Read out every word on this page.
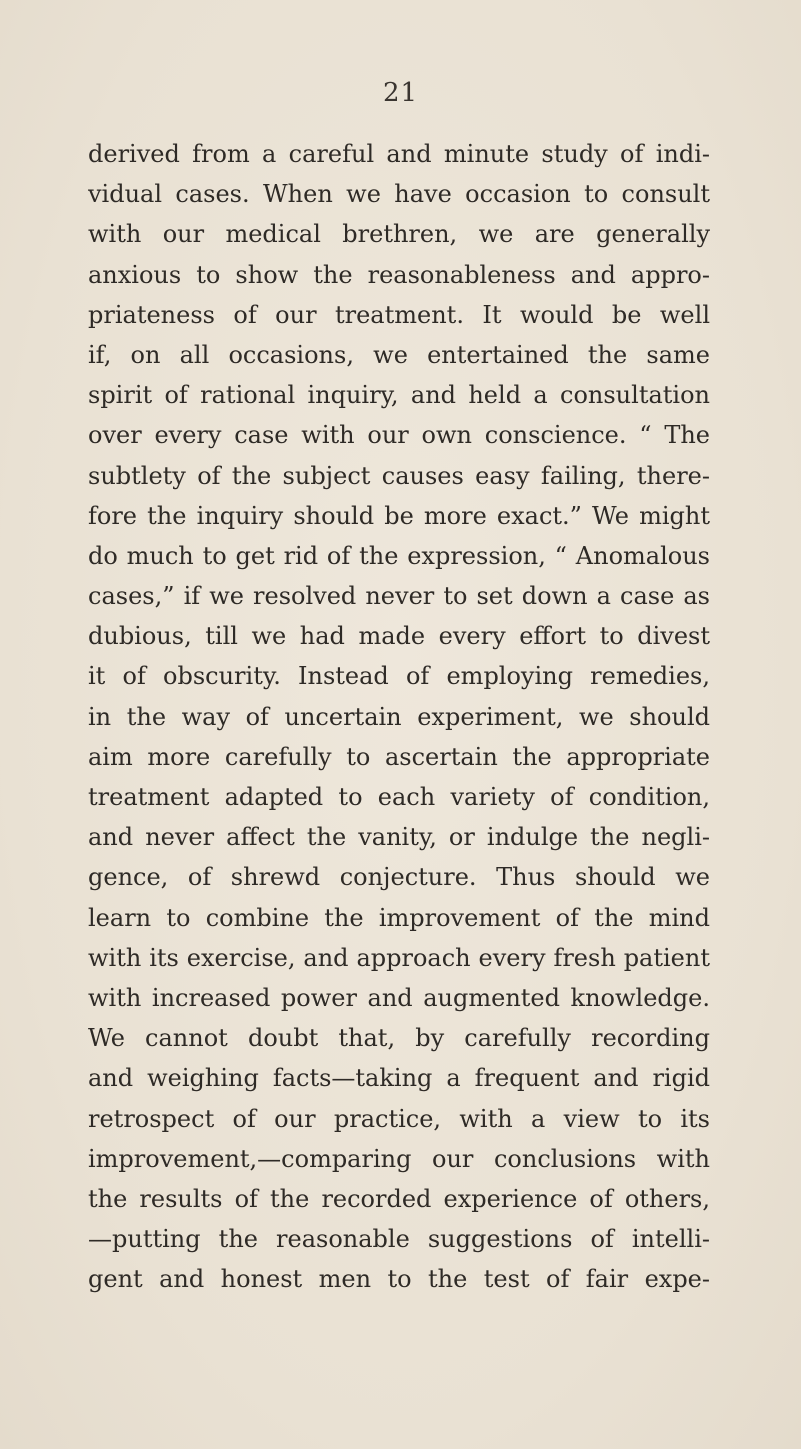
21
derived from a careful and minute study of indi-
vidual cases. When we have occasion to consult
with our medical brethren, we are generally
anxious to show the reasonableness and appro-
priateness of our treatment. It would be well
if, on all occasions, we entertained the same
spirit of rational inquiry, and held a consultation
over every case with our own conscience. “ The
subtlety of the subject causes easy failing, there-
fore the inquiry should be more exact.” We might
do much to get rid of the expression, “ Anomalous
cases,” if we resolved never to set down a case as
dubious, till we had made every effort to divest
it of obscurity. Instead of employing remedies,
in the way of uncertain experiment, we should
aim more carefully to ascertain the appropriate
treatment adapted to each variety of condition,
and never affect the vanity, or indulge the negli-
gence, of shrewd conjecture. Thus should we
learn to combine the improvement of the mind
with its exercise, and approach every fresh patient
with increased power and augmented knowledge.
We cannot doubt that, by carefully recording
and weighing facts—taking a frequent and rigid
retrospect of our practice, with a view to its
improvement,—comparing our conclusions with
the results of the recorded experience of others,
—putting the reasonable suggestions of intelli-
gent and honest men to the test of fair expe-
